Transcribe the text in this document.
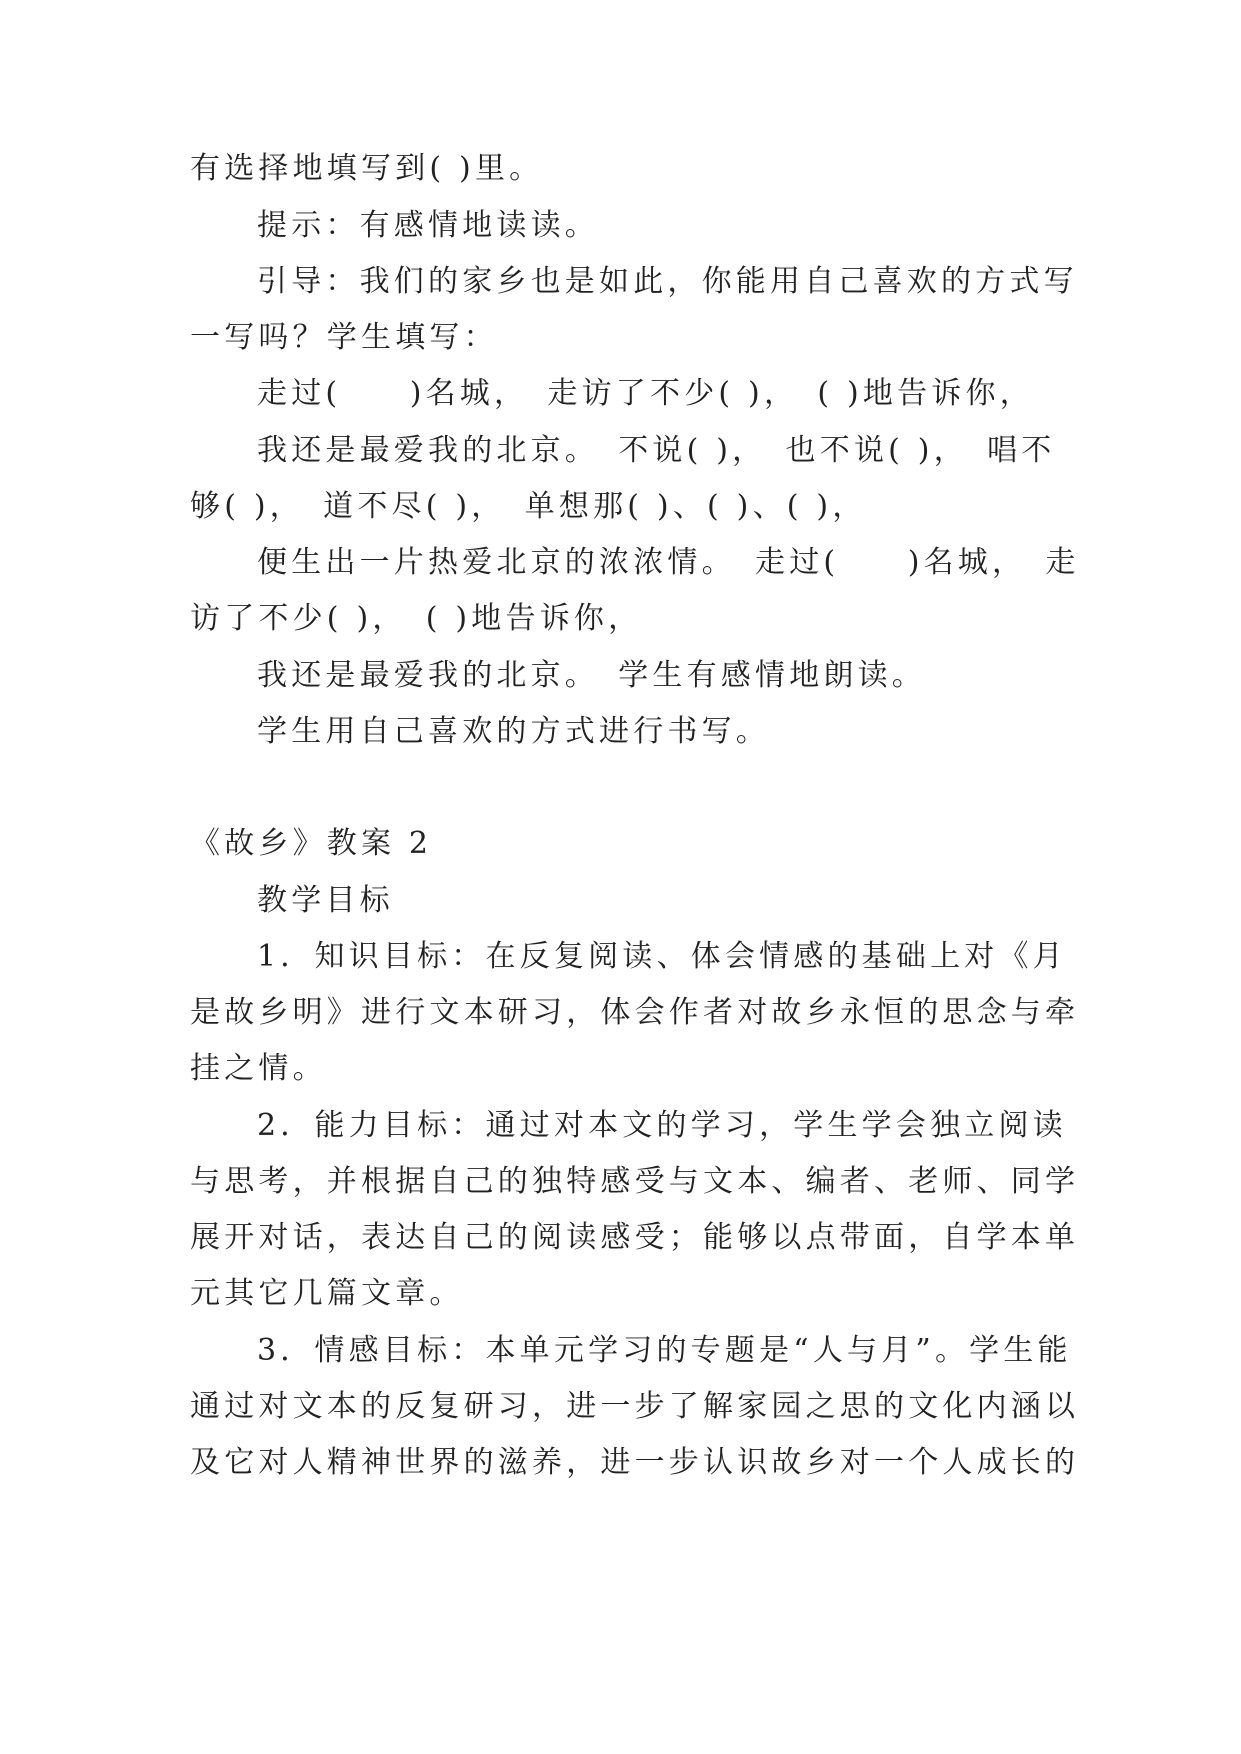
有选择地填写到( )里。
提示：有感情地读读。
引导：我们的家乡也是如此，你能用自己喜欢的方式写
一写吗？学生填写：
走过(　　)名城，　走访了不少( )，　( )地告诉你，
我还是最爱我的北京。　不说( )，　也不说( )，　唱不
够( )，　道不尽( )，　单想那( )、( )、( )，
便生出一片热爱北京的浓浓情。　走过(　　)名城，　走
访了不少( )，　( )地告诉你，
我还是最爱我的北京。　学生有感情地朗读。
学生用自己喜欢的方式进行书写。
《故乡》教案 2
教学目标
1．知识目标：在反复阅读、体会情感的基础上对《月
是故乡明》进行文本研习，体会作者对故乡永恒的思念与牵
挂之情。
2．能力目标：通过对本文的学习，学生学会独立阅读
与思考，并根据自己的独特感受与文本、编者、老师、同学
展开对话，表达自己的阅读感受；能够以点带面，自学本单
元其它几篇文章。
3．情感目标：本单元学习的专题是“人与月”。学生能
通过对文本的反复研习，进一步了解家园之思的文化内涵以
及它对人精神世界的滋养，进一步认识故乡对一个人成长的
